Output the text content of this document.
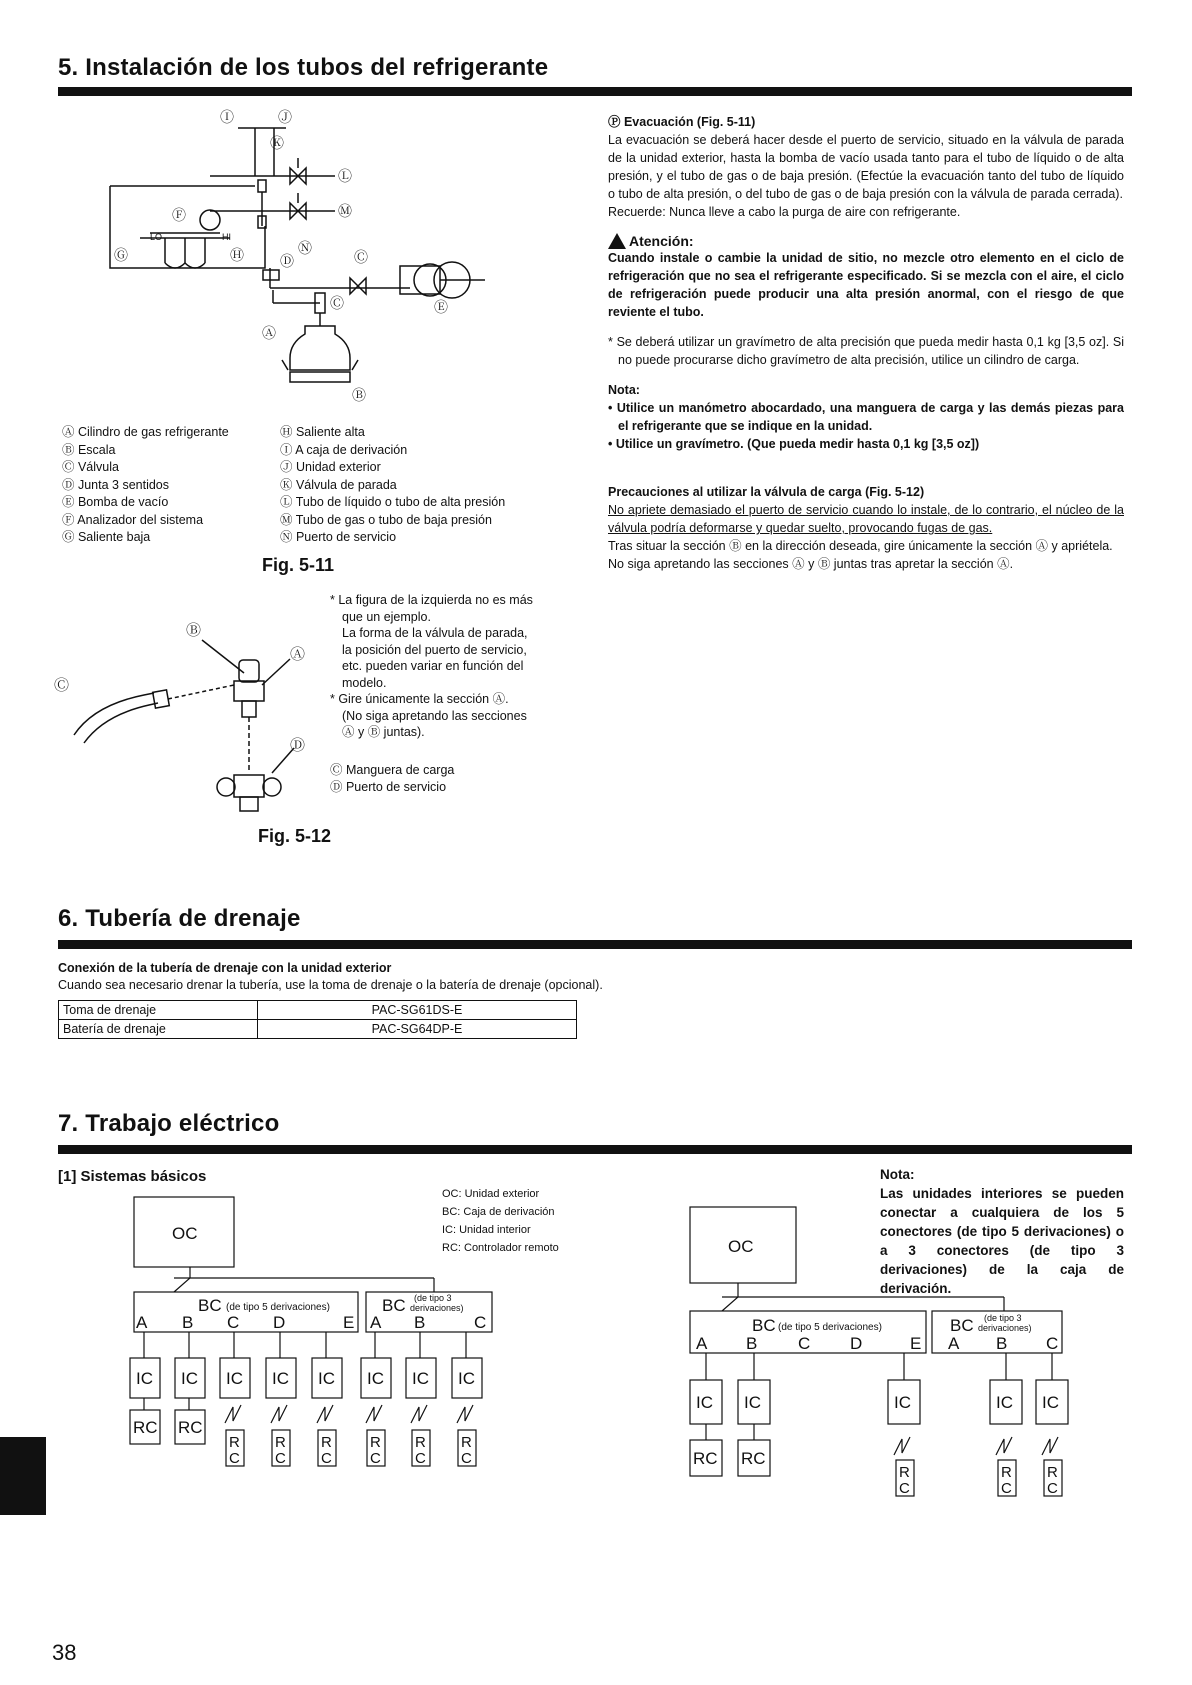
5. Instalación de los tubos del refrigerante
Ⓘ	Ⓙ
Ⓚ
Ⓛ
Ⓜ
Ⓕ
Ⓖ	Ⓗ	Ⓓ
Ⓝ
Ⓒ
Ⓒ	Ⓔ
Ⓐ
Ⓑ
LO	HI
Ⓐ Cilindro de gas refrigerante
Ⓑ Escala
Ⓒ Válvula
Ⓓ Junta 3 sentidos
Ⓔ Bomba de vacío
Ⓕ Analizador del sistema
Ⓖ Saliente baja
Ⓗ Saliente alta
Ⓘ A caja de derivación
Ⓙ Unidad exterior
Ⓚ Válvula de parada
Ⓛ Tubo de líquido o tubo de alta presión
Ⓜ Tubo de gas o tubo de baja presión
Ⓝ Puerto de servicio
Fig. 5-11
Ⓑ
Ⓐ
Ⓒ
Ⓓ
* La figura de la izquierda no es más
que un ejemplo.
La forma de la válvula de parada,
la posición del puerto de servicio,
etc. pueden variar en función del
modelo.
* Gire únicamente la sección Ⓐ.
(No siga apretando las secciones
Ⓐ y Ⓑ juntas).
Ⓒ Manguera de carga
Ⓓ Puerto de servicio
Fig. 5-12
Ⓟ Evacuación (Fig. 5-11)
La evacuación se deberá hacer desde el puerto de servicio, situado en la válvula de parada de la unidad exterior, hasta la bomba de vacío usada tanto para el tubo de líquido o de alta presión, y el tubo de gas o de baja presión. (Efectúe la evacuación tanto del tubo de líquido o tubo de alta presión, o del tubo de gas o de baja presión con la válvula de parada cerrada).
Recuerde: Nunca lleve a cabo la purga de aire con refrigerante.
Atención:
Cuando instale o cambie la unidad de sitio, no mezcle otro elemento en el ciclo de refrigeración que no sea el refrigerante especificado. Si se mezcla con el aire, el ciclo de refrigeración puede producir una alta presión anormal, con el riesgo de que reviente el tubo.
* Se deberá utilizar un gravímetro de alta precisión que pueda medir hasta 0,1 kg [3,5 oz]. Si no puede procurarse dicho gravímetro de alta precisión, utilice un cilindro de carga.
Nota:
• Utilice un manómetro abocardado, una manguera de carga y las demás piezas para el refrigerante que se indique en la unidad.
• Utilice un gravímetro. (Que pueda medir hasta 0,1 kg [3,5 oz])
Precauciones al utilizar la válvula de carga (Fig. 5-12)
No apriete demasiado el puerto de servicio cuando lo instale, de lo contrario, el núcleo de la válvula podría deformarse y quedar suelto, provocando fugas de gas.
Tras situar la sección Ⓑ en la dirección deseada, gire únicamente la sección Ⓐ y apriétela.
No siga apretando las secciones Ⓐ y Ⓑ juntas tras apretar la sección Ⓐ.
6. Tubería de drenaje
Conexión de la tubería de drenaje con la unidad exterior
Cuando sea necesario drenar la tubería, use la toma de drenaje o la batería de drenaje (opcional).
Toma de drenaje	PAC-SG61DS-E
Batería de drenaje	PAC-SG64DP-E
7. Trabajo eléctrico
[1] Sistemas básicos
OC: Unidad exterior
BC: Caja de derivación
IC: Unidad interior
RC: Controlador remoto
Nota:
Las unidades interiores se pueden conectar a cualquiera de los 5 conectores (de tipo 5 derivaciones) o a 3 conectores (de tipo 3 derivaciones) de la caja de derivación.
OC
BC (de tipo 5 derivaciones)	BC (de tipo 3
derivaciones)
A B C D	E A B	C
IC IC IC IC IC IC IC IC
RC RC
R
C
R
C
R
C
R
C
R
C
R
C
OC
BC (de tipo 5 derivaciones)	BC (de tipo 3
derivaciones)
A B C D	E A B C
IC IC	IC	IC IC
RC RC
R
C
R
C
R
C
38
